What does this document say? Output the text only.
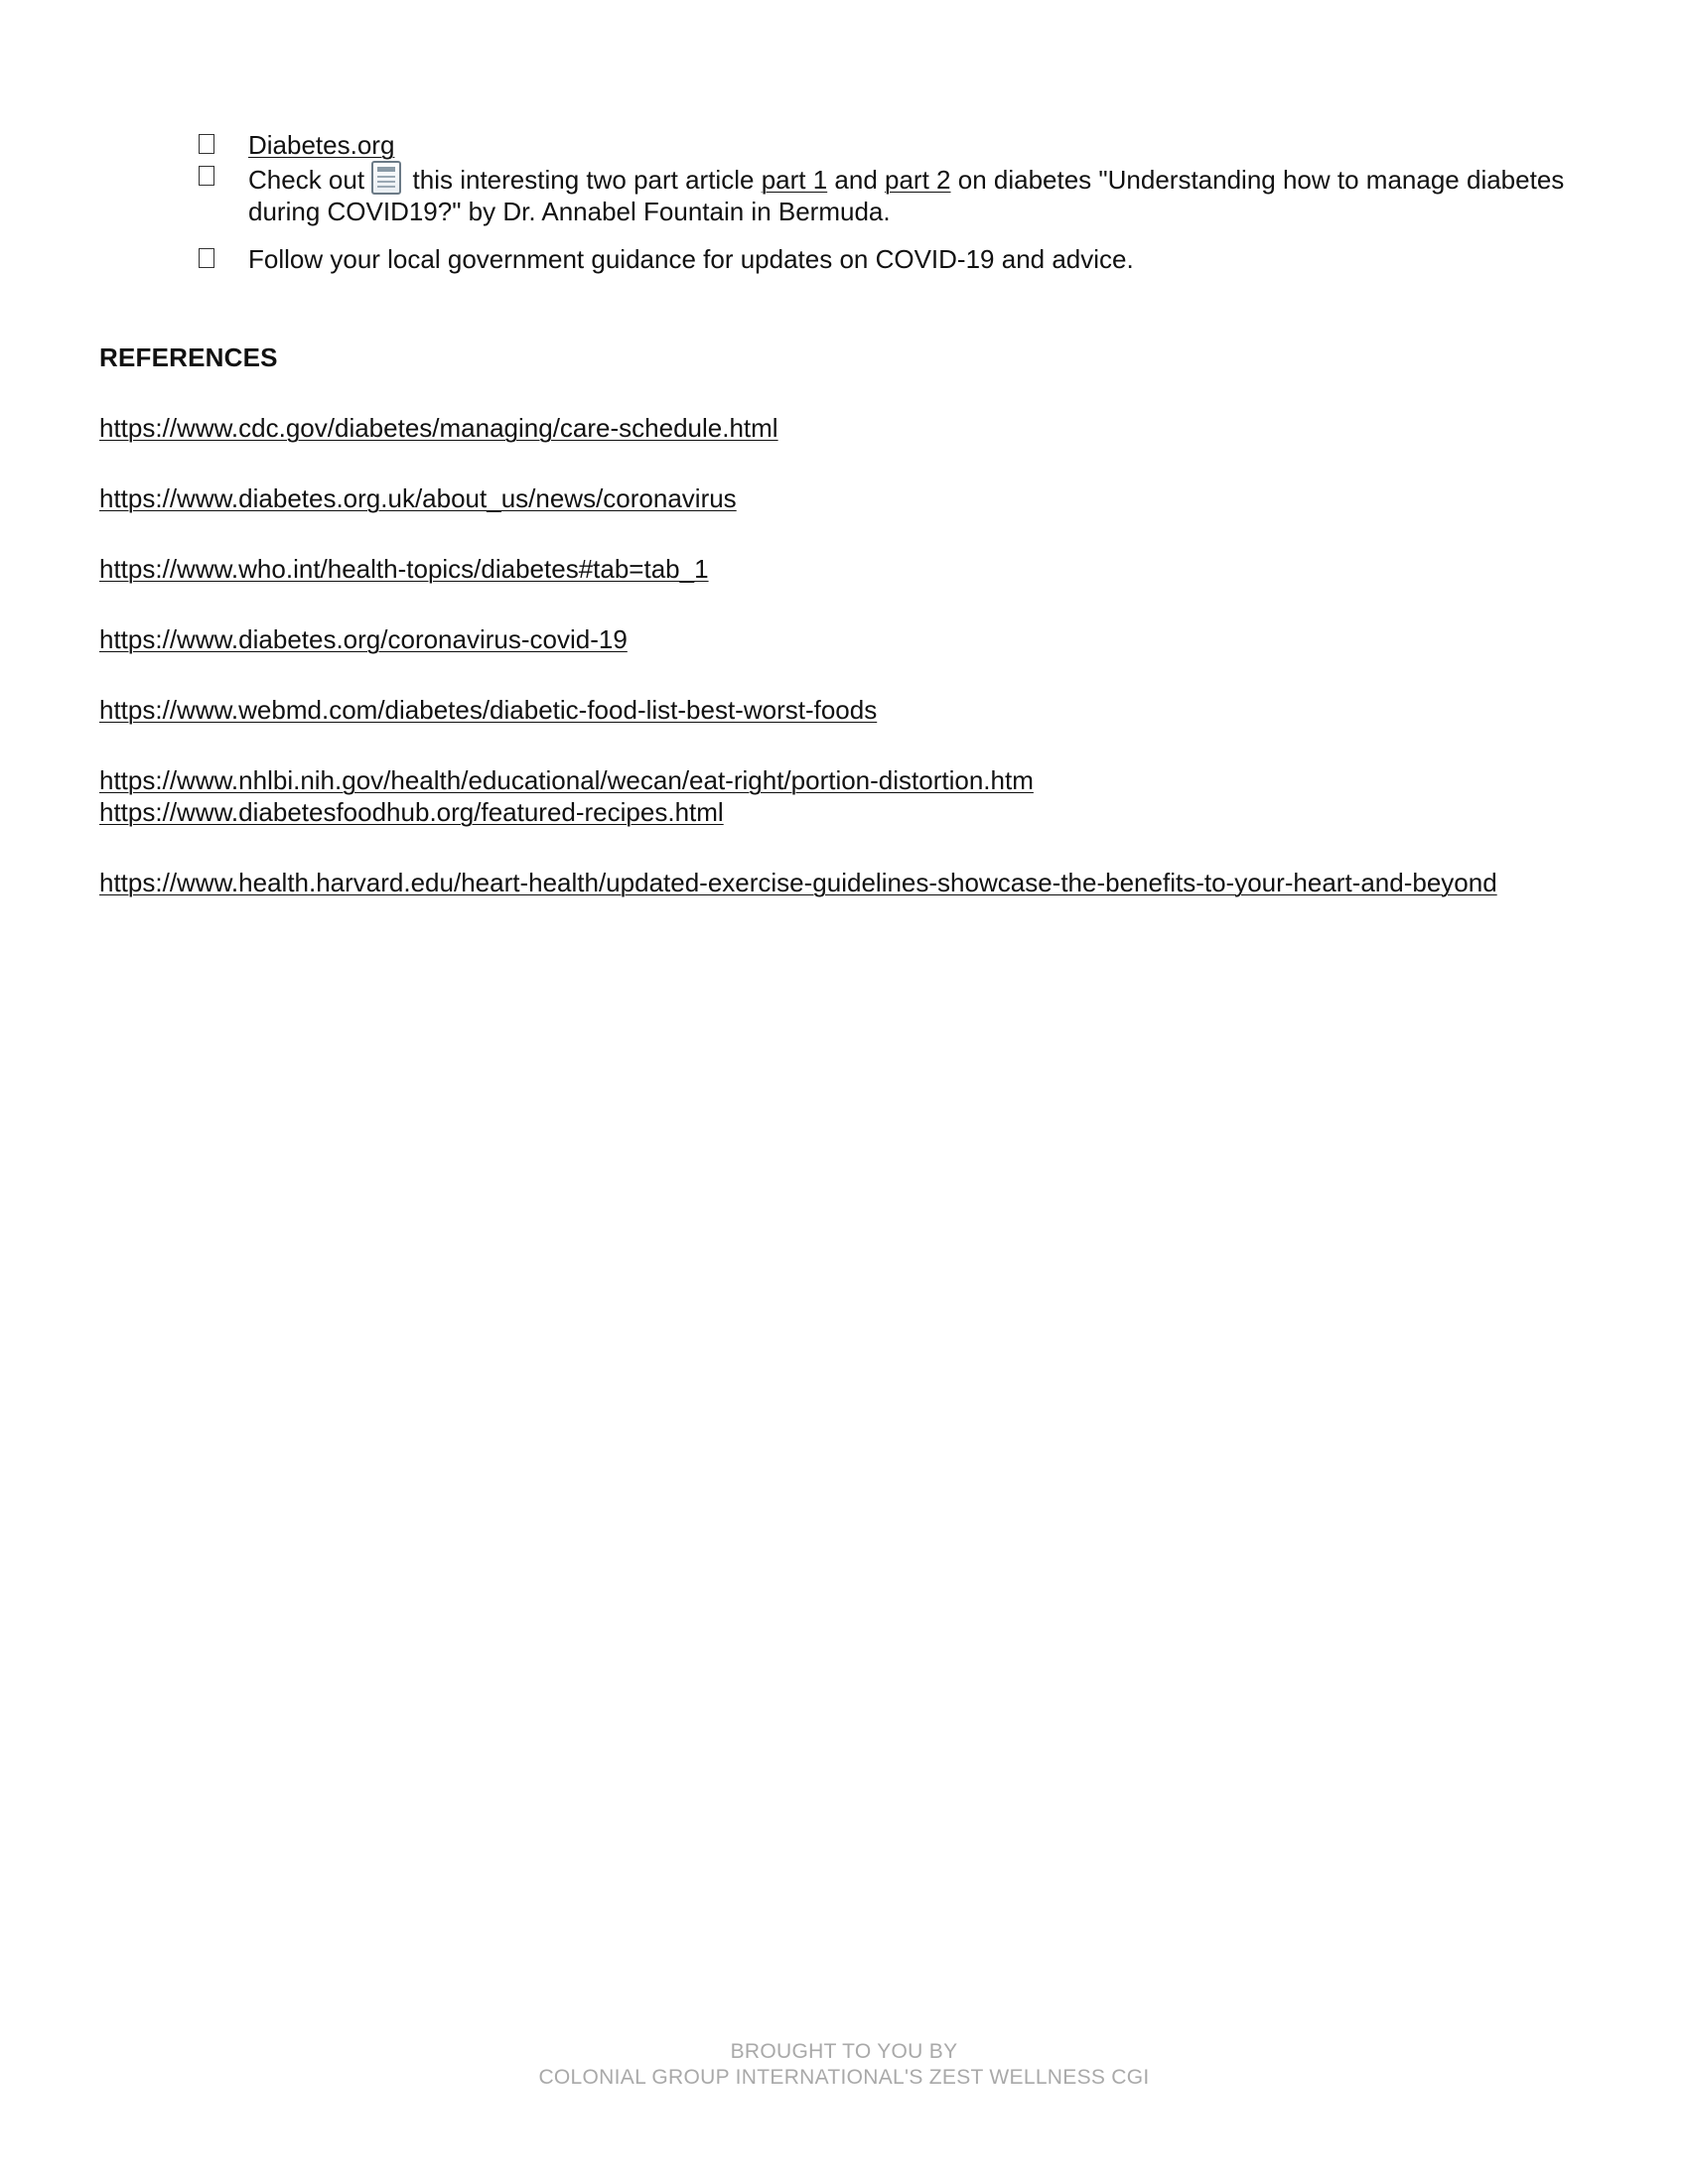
Diabetes.org
Check out  this interesting two part article part 1 and part 2 on diabetes "Understanding how to manage diabetes during COVID19?" by Dr. Annabel Fountain in Bermuda.
Follow your local government guidance for updates on COVID-19 and advice.
REFERENCES
https://www.cdc.gov/diabetes/managing/care-schedule.html
https://www.diabetes.org.uk/about_us/news/coronavirus
https://www.who.int/health-topics/diabetes#tab=tab_1
https://www.diabetes.org/coronavirus-covid-19
https://www.webmd.com/diabetes/diabetic-food-list-best-worst-foods
https://www.nhlbi.nih.gov/health/educational/wecan/eat-right/portion-distortion.htm
https://www.diabetesfoodhub.org/featured-recipes.html
https://www.health.harvard.edu/heart-health/updated-exercise-guidelines-showcase-the-benefits-to-your-heart-and-beyond
BROUGHT TO YOU BY
COLONIAL GROUP INTERNATIONAL'S ZEST WELLNESS CGI
